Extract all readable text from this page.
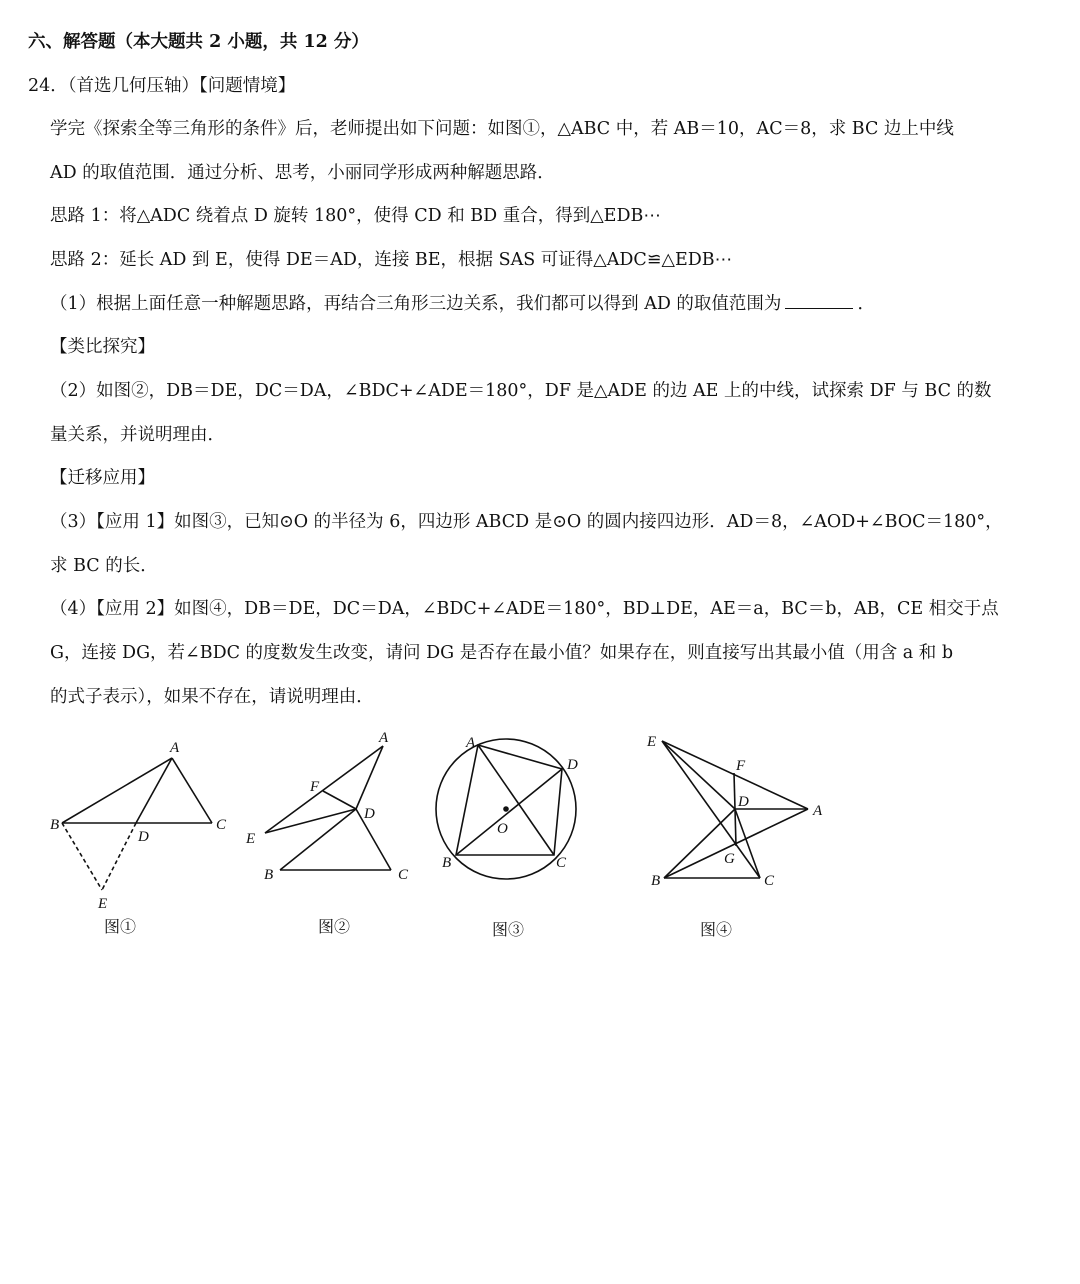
六、解答题（本大题共 2 小题，共 12 分）
24．（首选几何压轴）【问题情境】
学完《探索全等三角形的条件》后，老师提出如下问题：如图①，△ABC 中，若 AB＝10，AC＝8，求 BC 边上中线
AD 的取值范围．通过分析、思考，小丽同学形成两种解题思路．
思路 1：将△ADC 绕着点 D 旋转 180°，使得 CD 和 BD 重合，得到△EDB⋯
思路 2：延长 AD 到 E，使得 DE＝AD，连接 BE，根据 SAS 可证得△ADC≌△EDB⋯
（1）根据上面任意一种解题思路，再结合三角形三边关系，我们都可以得到 AD 的取值范围为	．
【类比探究】
（2）如图②，DB＝DE，DC＝DA，∠BDC+∠ADE＝180°，DF 是△ADE 的边 AE 上的中线，试探索 DF 与 BC 的数
量关系，并说明理由．
【迁移应用】
（3）【应用 1】如图③，已知⊙O 的半径为 6，四边形 ABCD 是⊙O 的圆内接四边形．AD＝8，∠AOD+∠BOC＝180°，
求 BC 的长．
（4）【应用 2】如图④，DB＝DE，DC＝DA，∠BDC+∠ADE＝180°，BD⊥DE，AE＝a，BC＝b，AB，CE 相交于点
G，连接 DG，若∠BDC 的度数发生改变，请问 DG 是否存在最小值？如果存在，则直接写出其最小值（用含 a 和 b
的式子表示），如果不存在，请说明理由．
A
B	C
D
E
图①
A
F
D
E
B	C
图②
A
D
O
B	C
图③
E
F
D
A
G
B	C
图④
